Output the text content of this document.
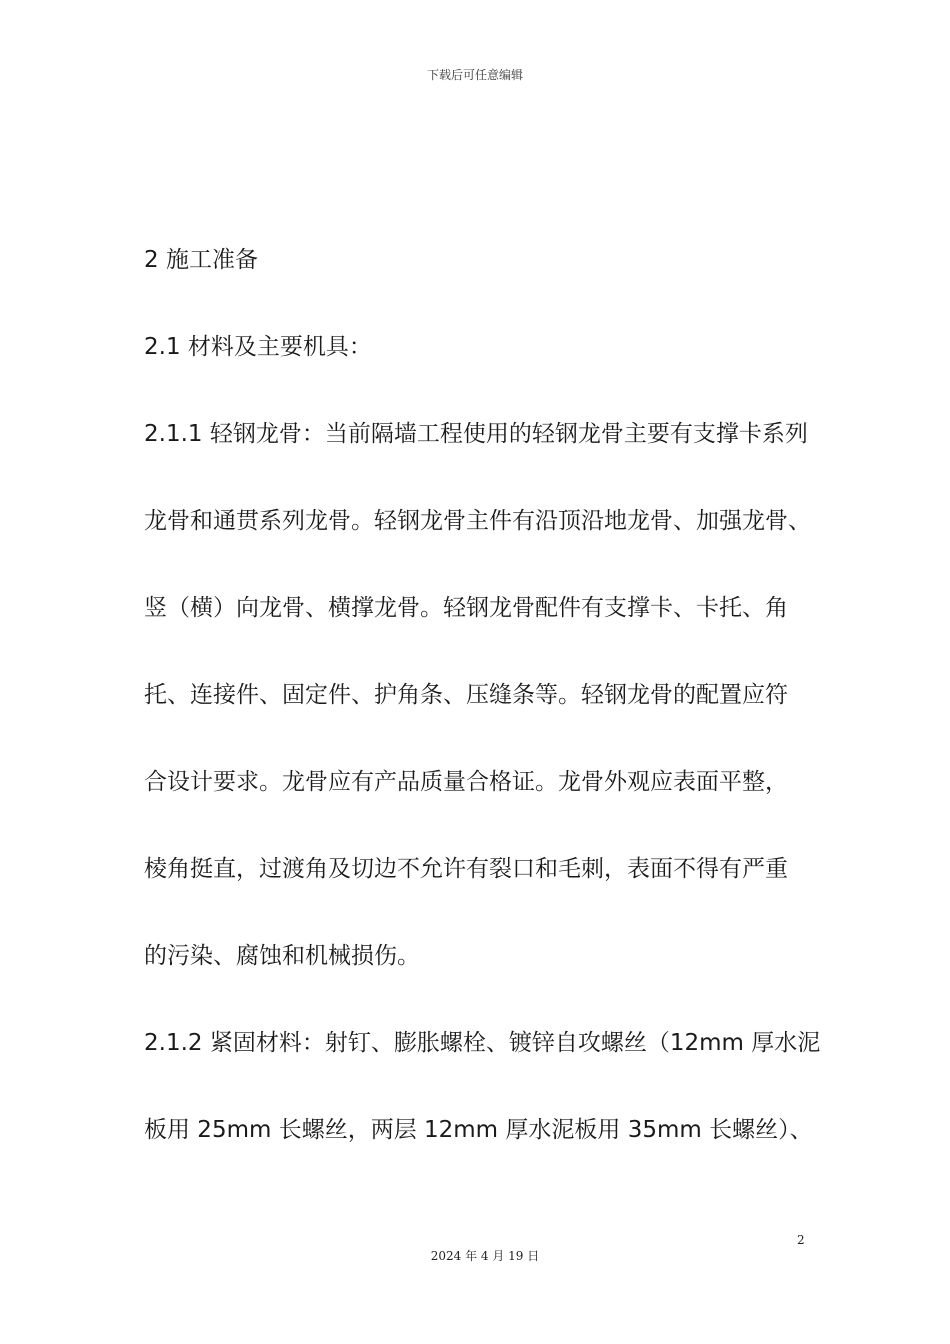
下载后可任意编辑
2 施工准备
2.1 材料及主要机具：
2.1.1 轻钢龙骨：当前隔墙工程使用的轻钢龙骨主要有支撑卡系列
龙骨和通贯系列龙骨。轻钢龙骨主件有沿顶沿地龙骨、加强龙骨、
竖（横）向龙骨、横撑龙骨。轻钢龙骨配件有支撑卡、卡托、角
托、连接件、固定件、护角条、压缝条等。轻钢龙骨的配置应符
合设计要求。龙骨应有产品质量合格证。龙骨外观应表面平整，
棱角挺直，过渡角及切边不允许有裂口和毛刺，表面不得有严重
的污染、腐蚀和机械损伤。
2.1.2 紧固材料：射钉、膨胀螺栓、镀锌自攻螺丝（12mm 厚水泥
板用 25mm 长螺丝，两层 12mm 厚水泥板用 35mm 长螺丝）、
2
2024 年 4 月 19 日
